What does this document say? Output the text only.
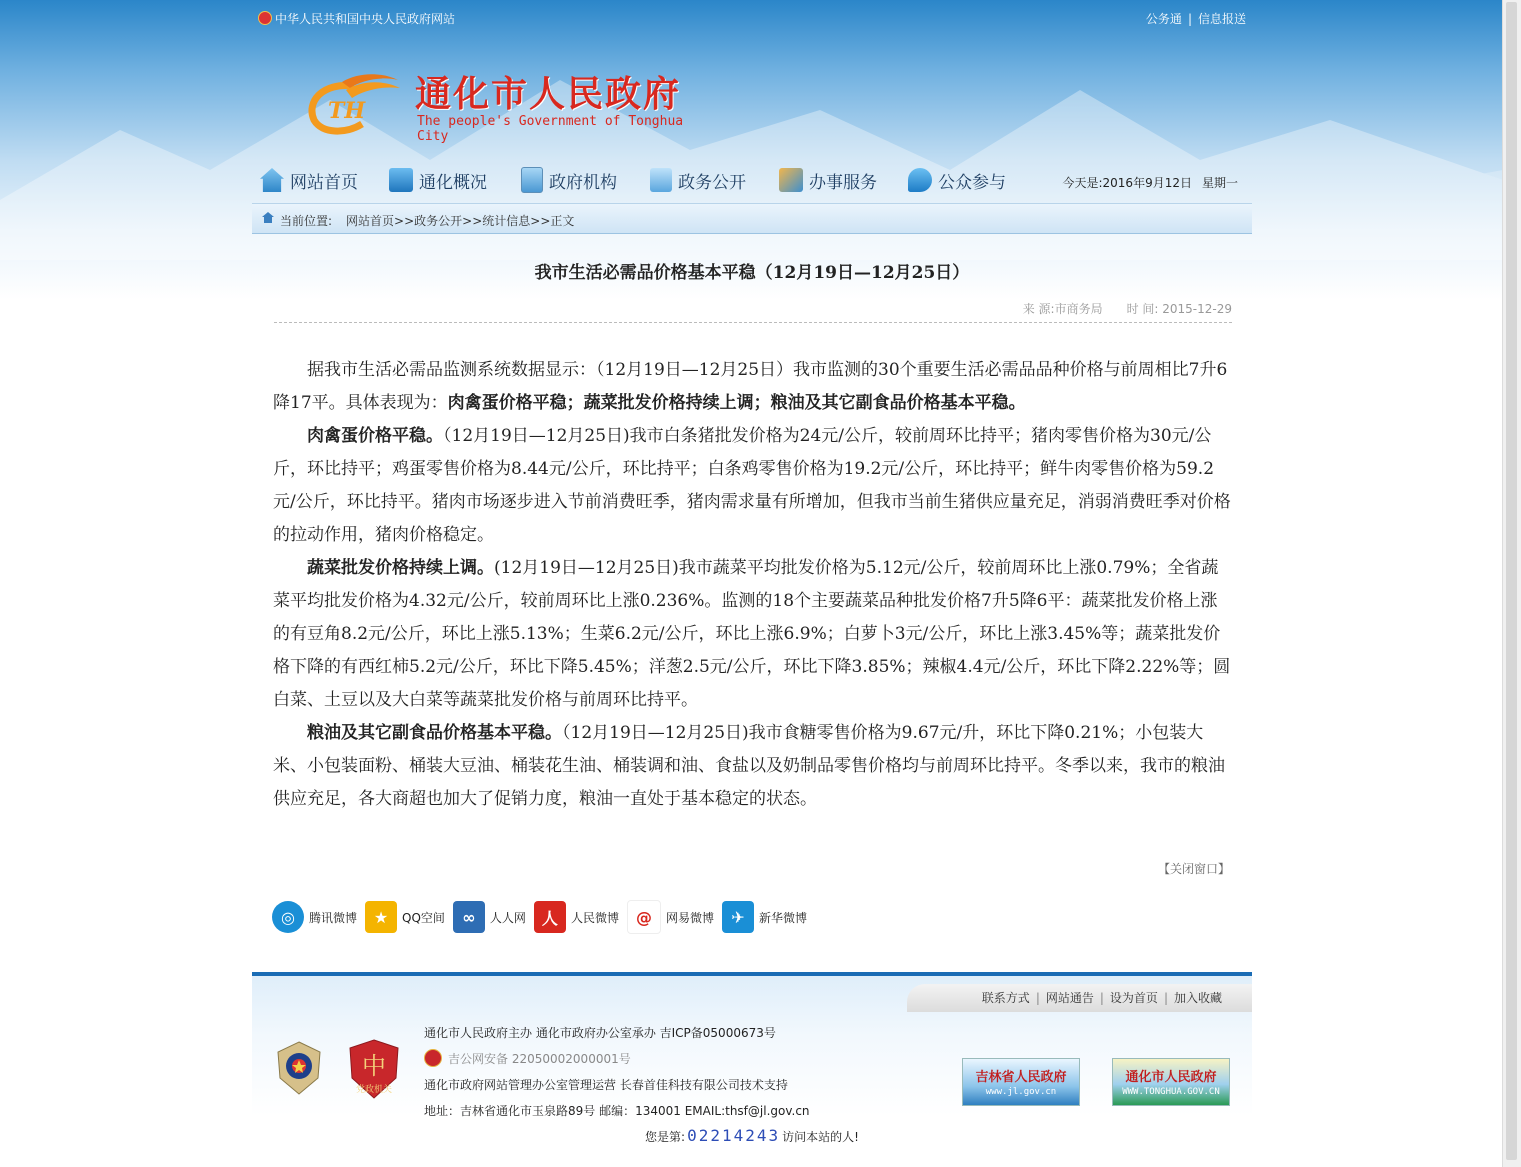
中华人民共和国中央人民政府网站	公务通 | 信息报送
TH 通化市人民政府
The people's Government of Tonghua City
网站首页	通化概况	政府机构	政务公开	办事服务	公众参与	今天是:2016年9月12日 星期一
当前位置: 网站首页>>政务公开>>统计信息>>正文
我市生活必需品价格基本平稳（12月19日—12月25日）
来 源:市商务局 时 间: 2015-12-29

据我市生活必需品监测系统数据显示：（12月19日—12月25日）我市监测的30个重要生活必需品品种价格与前周相比7升6降17平。具体表现为：肉禽蛋价格平稳；蔬菜批发价格持续上调；粮油及其它副食品价格基本平稳。

肉禽蛋价格平稳。（12月19日—12月25日)我市白条猪批发价格为24元/公斤，较前周环比持平；猪肉零售价格为30元/公斤，环比持平；鸡蛋零售价格为8.44元/公斤，环比持平；白条鸡零售价格为19.2元/公斤，环比持平；鲜牛肉零售价格为59.2元/公斤，环比持平。猪肉市场逐步进入节前消费旺季，猪肉需求量有所增加，但我市当前生猪供应量充足，消弱消费旺季对价格的拉动作用，猪肉价格稳定。

蔬菜批发价格持续上调。(12月19日—12月25日)我市蔬菜平均批发价格为5.12元/公斤，较前周环比上涨0.79%；全省蔬菜平均批发价格为4.32元/公斤，较前周环比上涨0.236%。监测的18个主要蔬菜品种批发价格7升5降6平：蔬菜批发价格上涨的有豆角8.2元/公斤，环比上涨5.13%；生菜6.2元/公斤，环比上涨6.9%；白萝卜3元/公斤，环比上涨3.45%等；蔬菜批发价格下降的有西红柿5.2元/公斤，环比下降5.45%；洋葱2.5元/公斤，环比下降3.85%；辣椒4.4元/公斤，环比下降2.22%等；圆白菜、土豆以及大白菜等蔬菜批发价格与前周环比持平。

粮油及其它副食品价格基本平稳。（12月19日—12月25日)我市食糖零售价格为9.67元/升，环比下降0.21%；小包装大米、小包装面粉、桶装大豆油、桶装花生油、桶装调和油、食盐以及奶制品零售价格均与前周环比持平。冬季以来，我市的粮油供应充足，各大商超也加大了促销力度，粮油一直处于基本稳定的状态。

【关闭窗口】
◎	腾讯微博	★	QQ空间	∞	人人网 人	人民微博	@	网易微博	✈	新华微博
联系方式 | 网站通告 | 设为首页 | 加入收藏
中
党政机关
通化市人民政府主办 通化市政府办公室承办 吉ICP备05000673号
吉公网安备 22050002000001号
通化市政府网站管理办公室管理运营 长春首佳科技有限公司技术支持
地址：吉林省通化市玉泉路89号 邮编：134001 EMAIL:thsf@jl.gov.cn
您是第: 02214243 访问本站的人!
吉林省人民政府
www.jl.gov.cn
通化市人民政府
WWW.TONGHUA.GOV.CN
